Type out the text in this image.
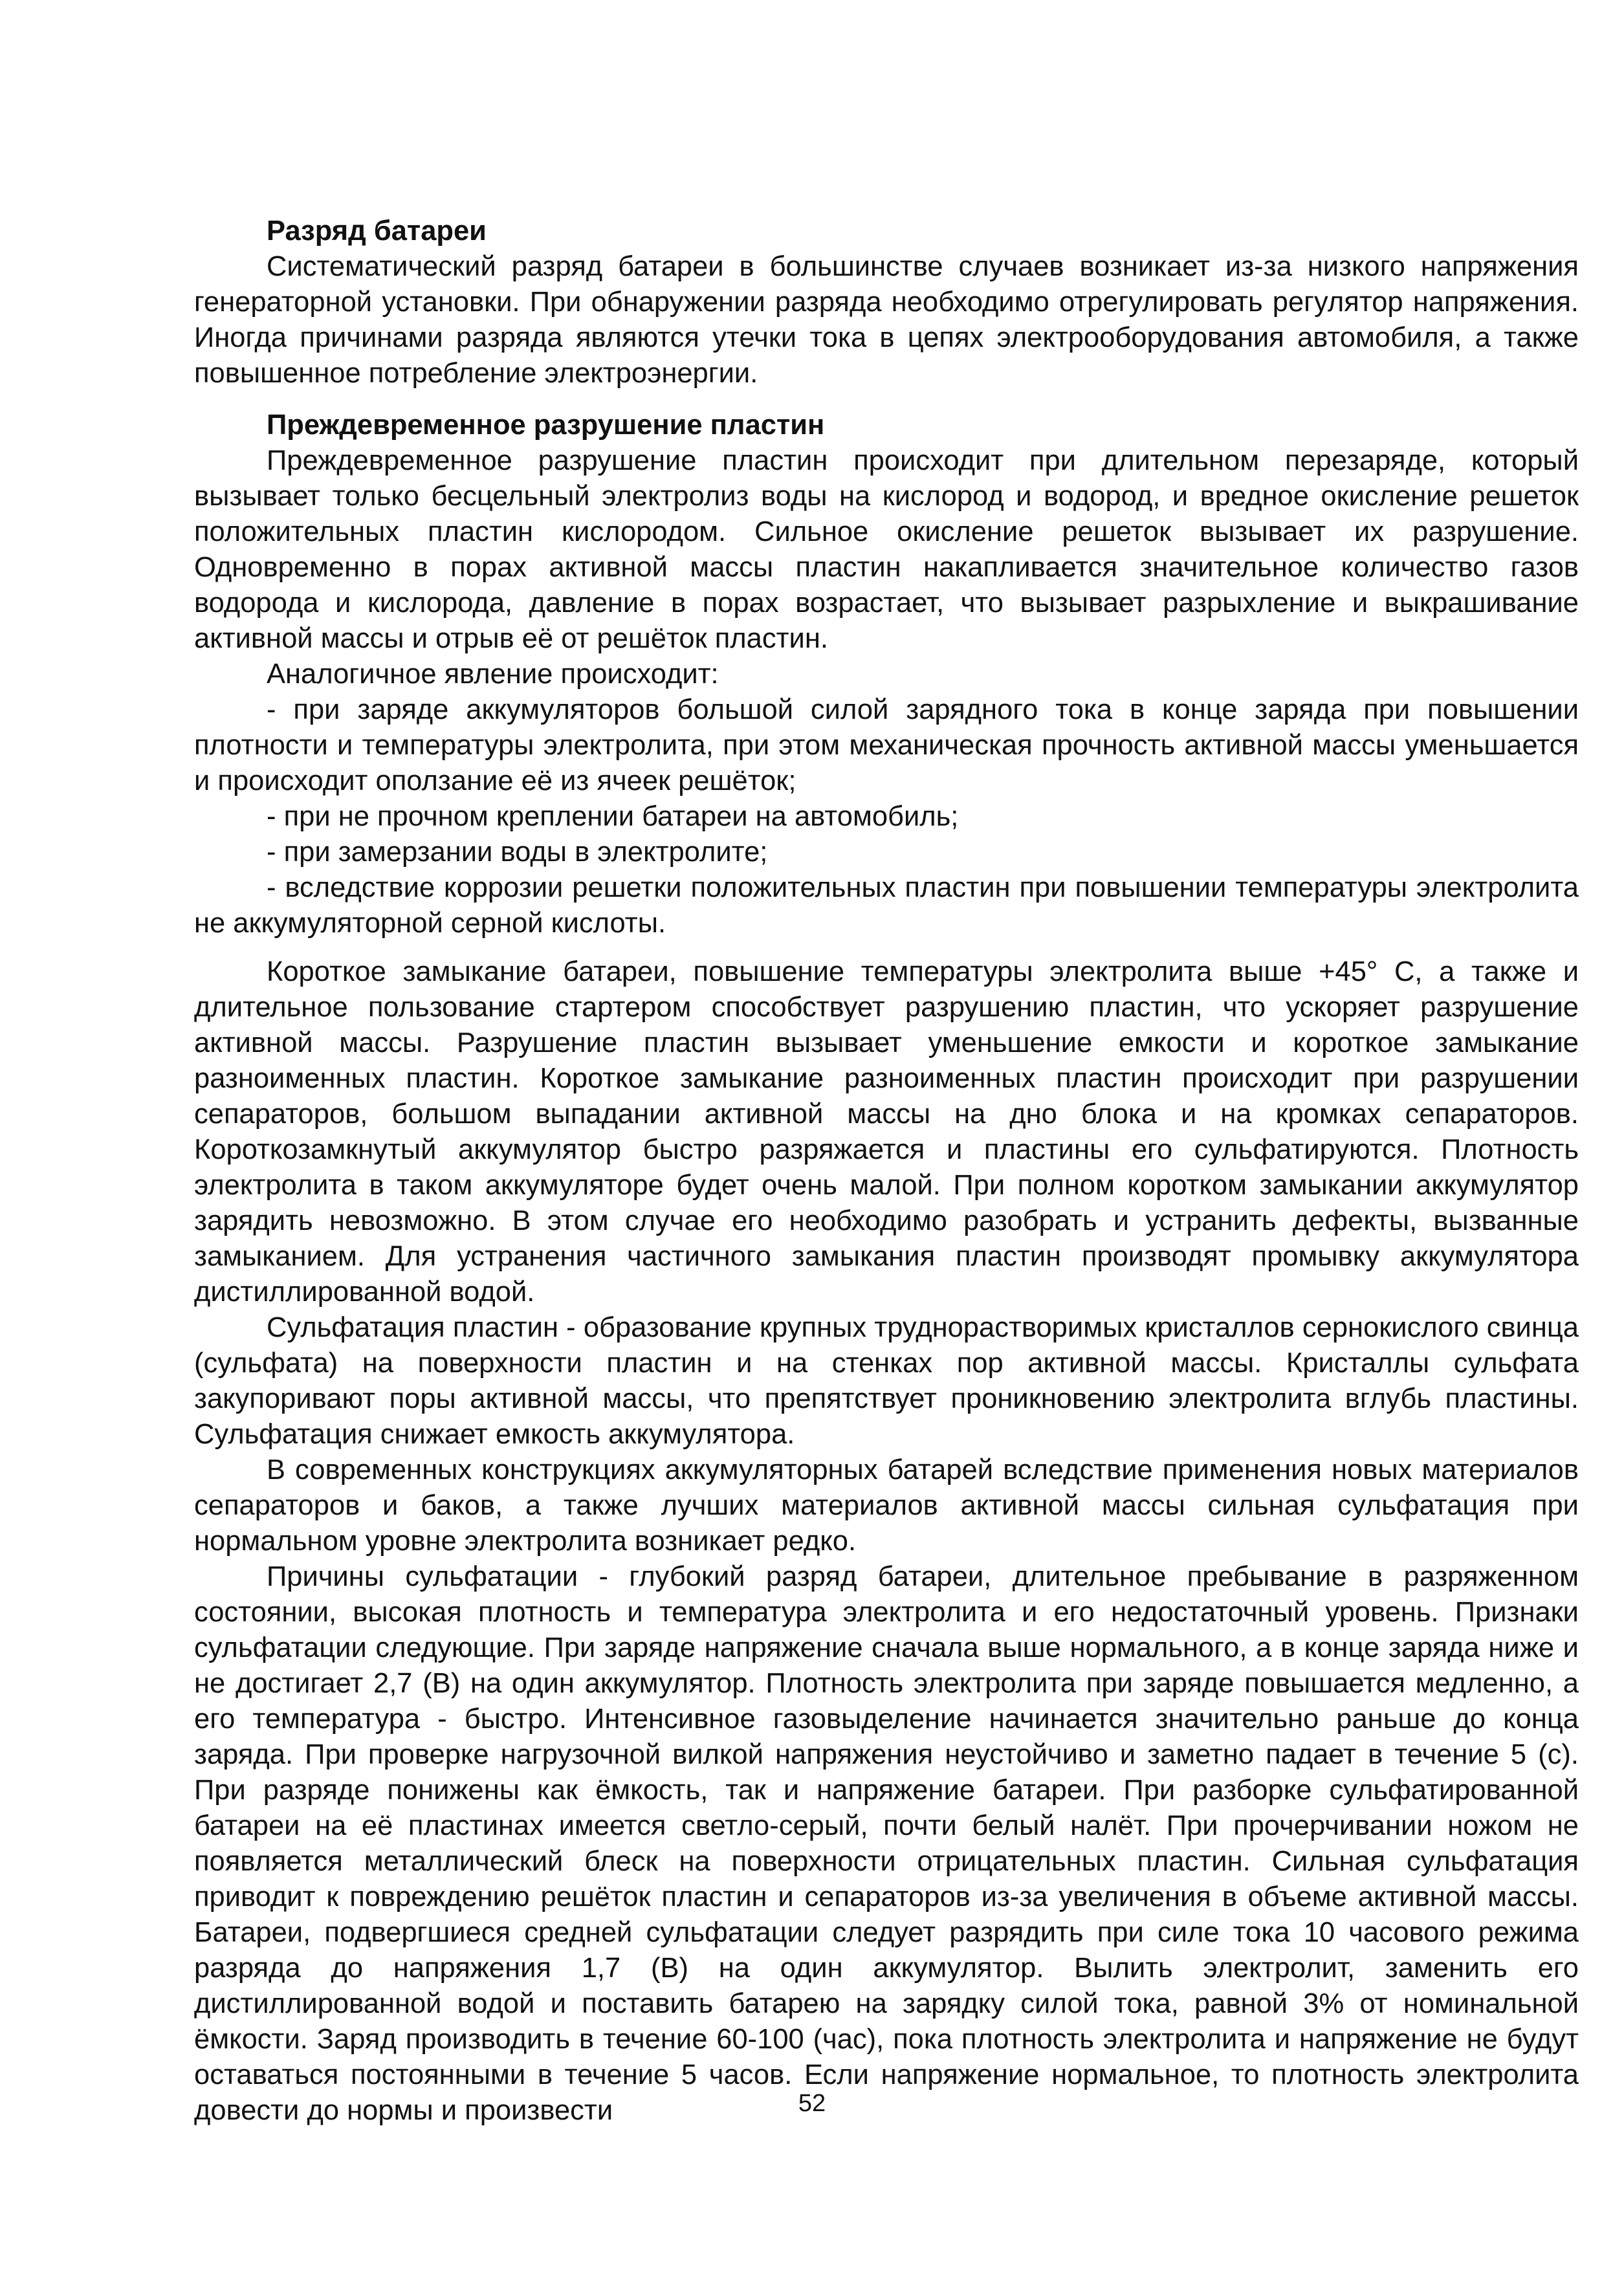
Разряд батареи

Систематический разряд батареи в большинстве случаев возникает из-за низкого напряжения генераторной установки. При обнаружении разряда необходимо отрегулировать регулятор напряжения. Иногда причинами разряда являются утечки тока в цепях электрооборудования автомобиля, а также повышенное потребление электроэнергии.

Преждевременное разрушение пластин

Преждевременное разрушение пластин происходит при длительном перезаряде, который вызывает только бесцельный электролиз воды на кислород и водород, и вредное окисление решеток положительных пластин кислородом. Сильное окисление решеток вызывает их разрушение. Одновременно в порах активной массы пластин накапливается значительное количество газов водорода и кислорода, давление в порах возрастает, что вызывает разрыхление и выкрашивание активной массы и отрыв её от решёток пластин.

Аналогичное явление происходит:

- при заряде аккумуляторов большой силой зарядного тока в конце заряда при повышении плотности и температуры электролита, при этом механическая прочность активной массы уменьшается и происходит оползание её из ячеек решёток;
- при не прочном креплении батареи на автомобиль;
- при замерзании воды в электролите;
- вследствие коррозии решетки положительных пластин при повышении температуры электролита не аккумуляторной серной кислоты.

Короткое замыкание батареи, повышение температуры электролита выше +45° С, а также и длительное пользование стартером способствует разрушению пластин, что ускоряет разрушение активной массы. Разрушение пластин вызывает уменьшение емкости и короткое замыкание разноименных пластин. Короткое замыкание разноименных пластин происходит при разрушении сепараторов, большом выпадании активной массы на дно блока и на кромках сепараторов. Короткозамкнутый аккумулятор быстро разряжается и пластины его сульфатируются. Плотность электролита в таком аккумуляторе будет очень малой. При полном коротком замыкании аккумулятор зарядить невозможно. В этом случае его необходимо разобрать и устранить дефекты, вызванные замыканием. Для устранения частичного замыкания пластин производят промывку аккумулятора дистиллированной водой.

Сульфатация пластин - образование крупных труднорастворимых кристаллов сернокислого свинца (сульфата) на поверхности пластин и на стенках пор активной массы. Кристаллы сульфата закупоривают поры активной массы, что препятствует проникновению электролита вглубь пластины. Сульфатация снижает емкость аккумулятора.

В современных конструкциях аккумуляторных батарей вследствие применения новых материалов сепараторов и баков, а также лучших материалов активной массы сильная сульфатация при нормальном уровне электролита возникает редко.

Причины сульфатации - глубокий разряд батареи, длительное пребывание в разряженном состоянии, высокая плотность и температура электролита и его недостаточный уровень. Признаки сульфатации следующие. При заряде напряжение сначала выше нормального, а в конце заряда ниже и не достигает 2,7 (В) на один аккумулятор. Плотность электролита при заряде повышается медленно, а его температура - быстро. Интенсивное газовыделение начинается значительно раньше до конца заряда. При проверке нагрузочной вилкой напряжения неустойчиво и заметно падает в течение 5 (с). При разряде понижены как ёмкость, так и напряжение батареи. При разборке сульфатированной батареи на её пластинах имеется светло-серый, почти белый налёт. При прочерчивании ножом не появляется металлический блеск на поверхности отрицательных пластин. Сильная сульфатация приводит к повреждению решёток пластин и сепараторов из-за увеличения в объеме активной массы. Батареи, подвергшиеся средней сульфатации следует разрядить при силе тока 10 часового режима разряда до напряжения 1,7 (В) на один аккумулятор. Вылить электролит, заменить его дистиллированной водой и поставить батарею на зарядку силой тока, равной 3% от номинальной ёмкости. Заряд производить в течение 60-100 (час), пока плотность электролита и напряжение не будут оставаться постоянными в течение 5 часов. Если напряжение нормальное, то плотность электролита довести до нормы и произвести	52
